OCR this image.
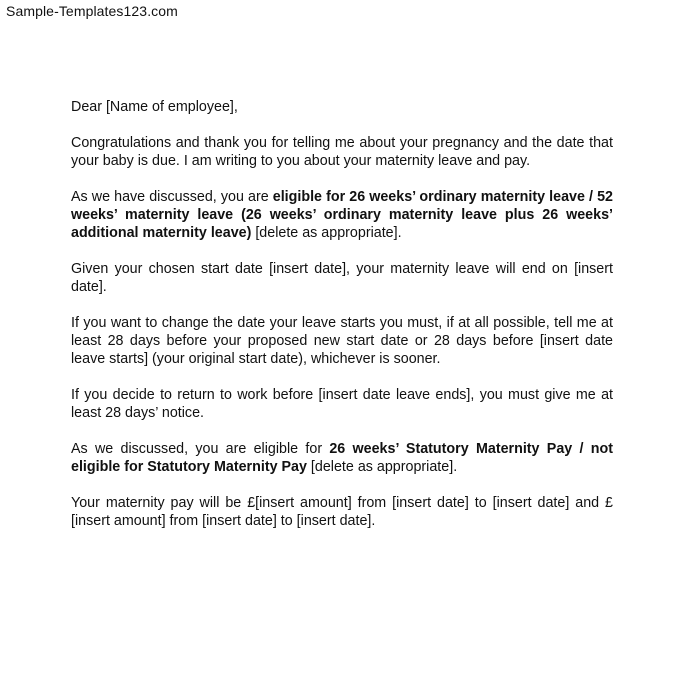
Sample-Templates123.com

Dear [Name of employee],

Congratulations and thank you for telling me about your pregnancy and the date that your baby is due. I am writing to you about your maternity leave and pay.

As we have discussed, you are eligible for 26 weeks’ ordinary maternity leave / 52 weeks’ maternity leave (26 weeks’ ordinary maternity leave plus 26 weeks’ additional maternity leave) [delete as appropriate].

Given your chosen start date [insert date], your maternity leave will end on [insert date].

If you want to change the date your leave starts you must, if at all possible, tell me at least 28 days before your proposed new start date or 28 days before [insert date leave starts] (your original start date), whichever is sooner.

If you decide to return to work before [insert date leave ends], you must give me at least 28 days’ notice.

As we discussed, you are eligible for 26 weeks’ Statutory Maternity Pay / not eligible for Statutory Maternity Pay [delete as appropriate].

Your maternity pay will be £[insert amount] from [insert date] to [insert date] and £[insert amount] from [insert date] to [insert date].
